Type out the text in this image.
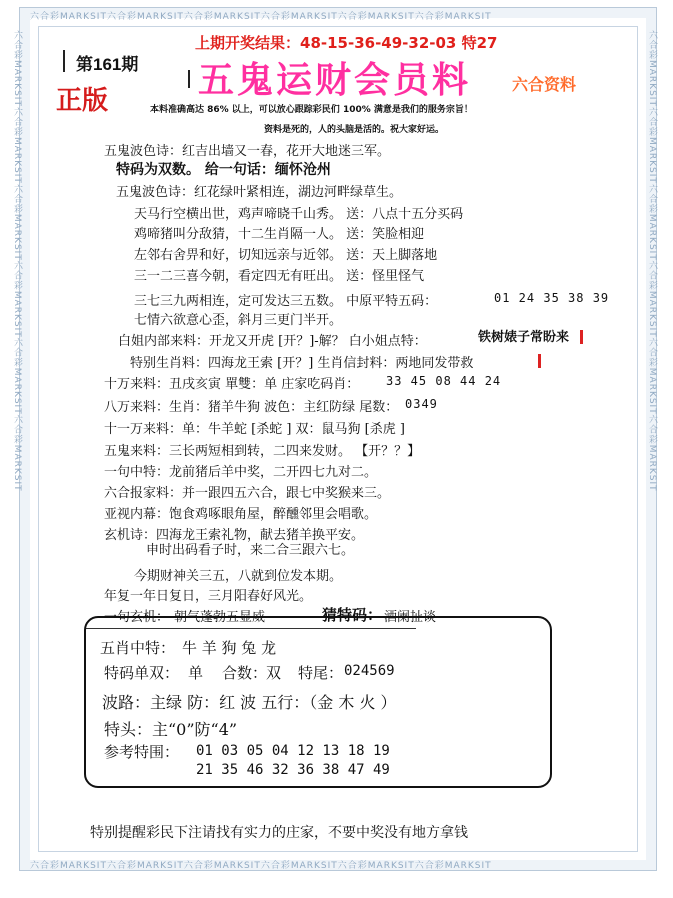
六合彩MARKSIT六合彩MARKSIT六合彩MARKSIT六合彩MARKSIT六合彩MARKSIT六合彩MARKSIT
六合彩MARKSIT六合彩MARKSIT六合彩MARKSIT六合彩MARKSIT六合彩MARKSIT六合彩MARKSIT
六合彩MARKSIT六合彩MARKSIT六合彩MARKSIT六合彩MARKSIT六合彩MARKSIT六合彩MARKSIT	六合彩MARKSIT六合彩MARKSIT六合彩MARKSIT六合彩MARKSIT六合彩MARKSIT六合彩MARKSIT
上期开奖结果：48-15-36-49-32-03 特27
第161期
正版 五鬼运财会员料	六合资料
本料准确高达 86% 以上，可以放心跟踪彩民们 100% 满意是我们的服务宗旨！
资料是死的，人的头脑是活的。祝大家好运。
五鬼波色诗：红吉出墙又一春，花开大地迷三军。
特码为双数。 给一句话：缅怀沧州
五鬼波色诗：红花绿叶紧相连，湖边河畔绿草生。
天马行空横出世，鸡声啼晓千山秀。 送：八点十五分买码
鸡啼猪叫分敌猜，十二生肖隔一人。 送：笑脸相迎
左邻右舍畀和好，切知远亲与近邻。 送：天上脚落地
三一二三喜今朝，看定四无有旺出。 送：怪里怪气
三七三九两相连，定可发达三五数。 中原平特五码：	01 24 35 38 39
七情六欲意心歪，斜月三更门半开。
白姐内部来料：开龙又开虎 [开？]-解？ 白小姐点特：	铁树婊子常盼来
特别生肖料：四海龙王索 [开？] 生肖信封料：两地同发带救
十万来料：丑戌亥寅 單雙：单 庄家吃码肖： 33 45 08 44 24
八万来料：生肖：猪羊牛狗 波色：主红防绿 尾数： 0349
十一万来料：单：牛羊蛇 [杀蛇 ] 双：鼠马狗 [杀虎 ]
五鬼来料：三长两短相到转，二四来发财。 【开？？】
一句中特：龙前猪后羊中奖，二开四七九对二。
六合报家料：并一跟四五六合，跟七中奖猴来三。
亚视内幕：饱食鸡啄眼角屋，醉醺邻里会唱歌。
玄机诗：四海龙王索礼物，献去猪羊换平安。
申时出码看子时，来二合三跟六七。
今期财神关三五，八就到位发本期。
年复一年日复日，三月阳春好风光。
一句玄机： 朝气蓬勃五显威	猜特码： 酒阑扯谈
五肖中特： 牛 羊 狗 兔 龙
特码单双： 单 合数：
双 特尾： 024569
波路：主绿 防：红 波 五行：（金 木 火 ）
特头：主“0”防“4”
参考特围： 01 03 05 04 12 13 18 19
21 35 46 32 36 38 47 49
特别提醒彩民下注请找有实力的庄家，不要中奖没有地方拿钱
